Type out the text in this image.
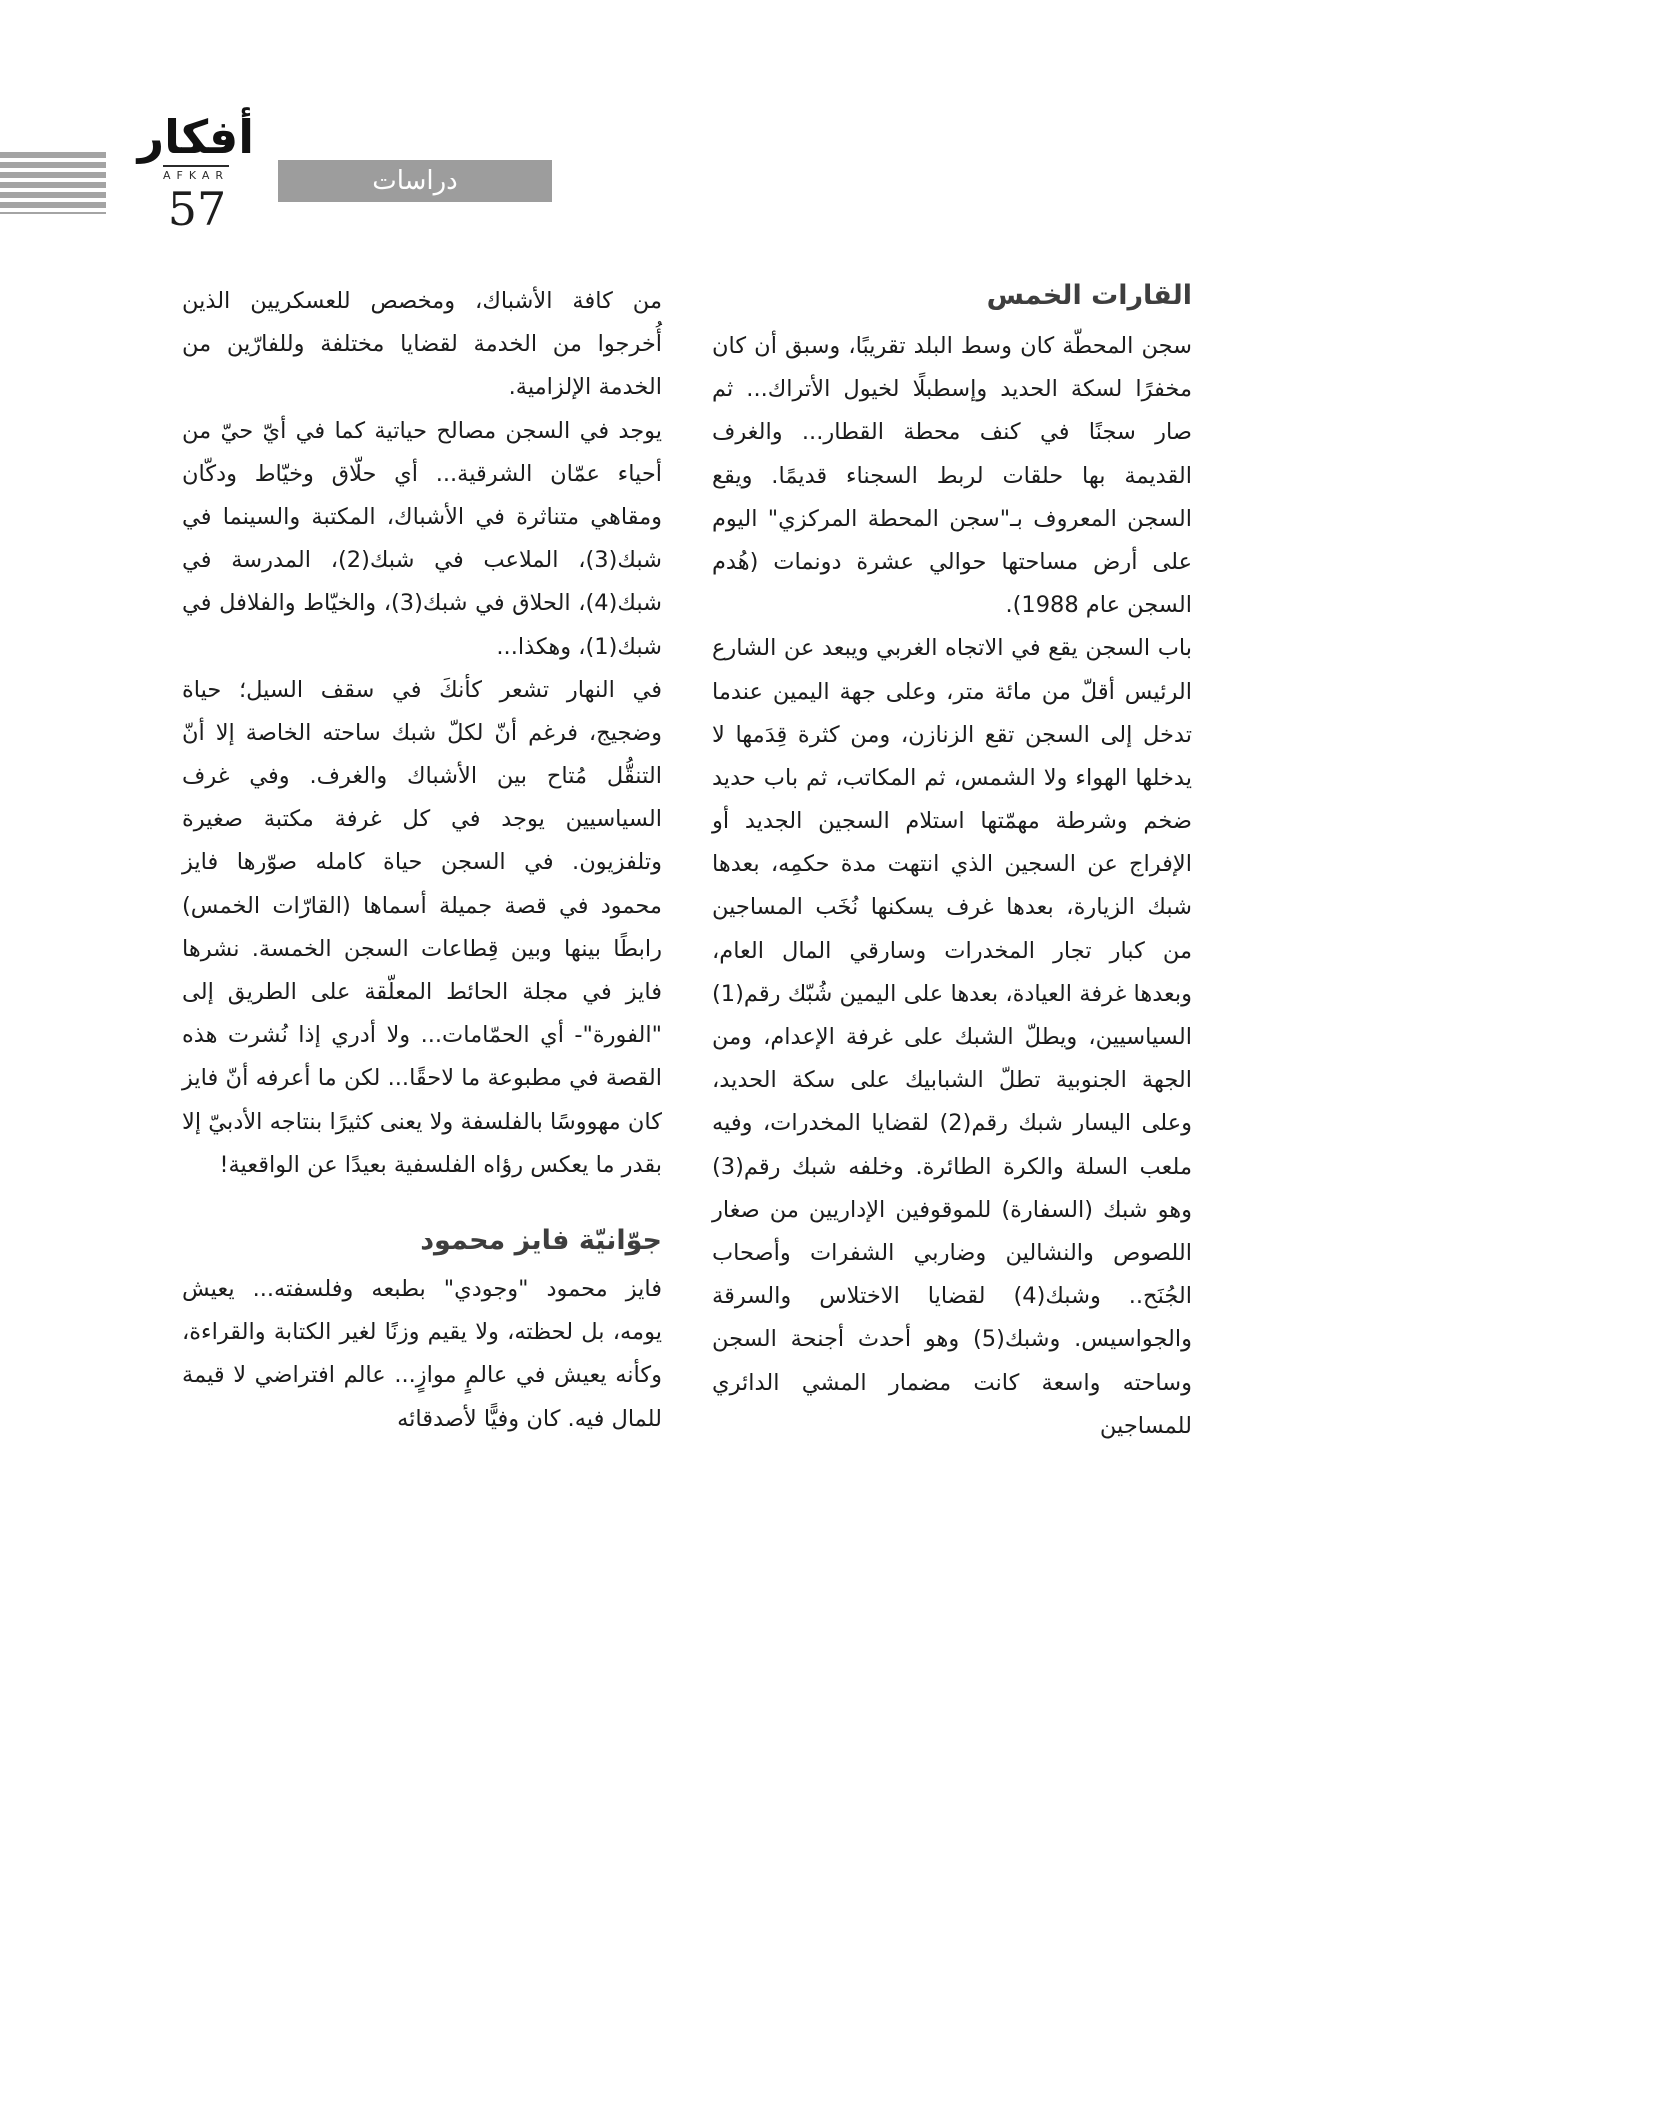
أفكار
AFKAR
57
دراسات
القارات الخمس

سجن المحطّة كان وسط البلد تقريبًا، وسبق أن كان مخفرًا لسكة الحديد وإسطبلًا لخيول الأتراك... ثم صار سجنًا في كنف محطة القطار... والغرف القديمة بها حلقات لربط السجناء قديمًا. ويقع السجن المعروف بـ"سجن المحطة المركزي" اليوم على أرض مساحتها حوالي عشرة دونمات (هُدم السجن عام 1988).

باب السجن يقع في الاتجاه الغربي ويبعد عن الشارع الرئيس أقلّ من مائة متر، وعلى جهة اليمين عندما تدخل إلى السجن تقع الزنازن، ومن كثرة قِدَمها لا يدخلها الهواء ولا الشمس، ثم المكاتب، ثم باب حديد ضخم وشرطة مهمّتها استلام السجين الجديد أو الإفراج عن السجين الذي انتهت مدة حكمِه، بعدها شبك الزيارة، بعدها غرف يسكنها نُخَب المساجين من كبار تجار المخدرات وسارقي المال العام، وبعدها غرفة العيادة، بعدها على اليمين شُبّك رقم(1) السياسيين، ويطلّ الشبك على غرفة الإعدام، ومن الجهة الجنوبية تطلّ الشبابيك على سكة الحديد، وعلى اليسار شبك رقم(2) لقضايا المخدرات، وفيه ملعب السلة والكرة الطائرة. وخلفه شبك رقم(3) وهو شبك (السفارة) للموقوفين الإداريين من صغار اللصوص والنشالين وضاربي الشفرات وأصحاب الجُنَح.. وشبك(4) لقضايا الاختلاس والسرقة والجواسيس. وشبك(5) وهو أحدث أجنحة السجن وساحته واسعة كانت مضمار المشي الدائري للمساجين

من كافة الأشباك، ومخصص للعسكريين الذين أُخرجوا من الخدمة لقضايا مختلفة وللفارّين من الخدمة الإلزامية.

يوجد في السجن مصالح حياتية كما في أيّ حيّ من أحياء عمّان الشرقية... أي حلّاق وخيّاط ودكّان ومقاهي متناثرة في الأشباك، المكتبة والسينما في شبك(3)، الملاعب في شبك(2)، المدرسة في شبك(4)، الحلاق في شبك(3)، والخيّاط والفلافل في شبك(1)، وهكذا...

في النهار تشعر كأنكَ في سقف السيل؛ حياة وضجيج، فرغم أنّ لكلّ شبك ساحته الخاصة إلا أنّ التنقُّل مُتاح بين الأشباك والغرف. وفي غرف السياسيين يوجد في كل غرفة مكتبة صغيرة وتلفزيون. في السجن حياة كامله صوّرها فايز محمود في قصة جميلة أسماها (القارّات الخمس) رابطًا بينها وبين قِطاعات السجن الخمسة. نشرها فايز في مجلة الحائط المعلّقة على الطريق إلى "الفورة"- أي الحمّامات... ولا أدري إذا نُشرت هذه القصة في مطبوعة ما لاحقًا... لكن ما أعرفه أنّ فايز كان مهووسًا بالفلسفة ولا يعنى كثيرًا بنتاجه الأدبيّ إلا بقدر ما يعكس رؤاه الفلسفية بعيدًا عن الواقعية!

جوّانيّة فايز محمود

فايز محمود "وجودي" بطبعه وفلسفته... يعيش يومه، بل لحظته، ولا يقيم وزنًا لغير الكتابة والقراءة، وكأنه يعيش في عالمٍ موازٍ... عالم افتراضي لا قيمة للمال فيه. كان وفيًّا لأصدقائه
